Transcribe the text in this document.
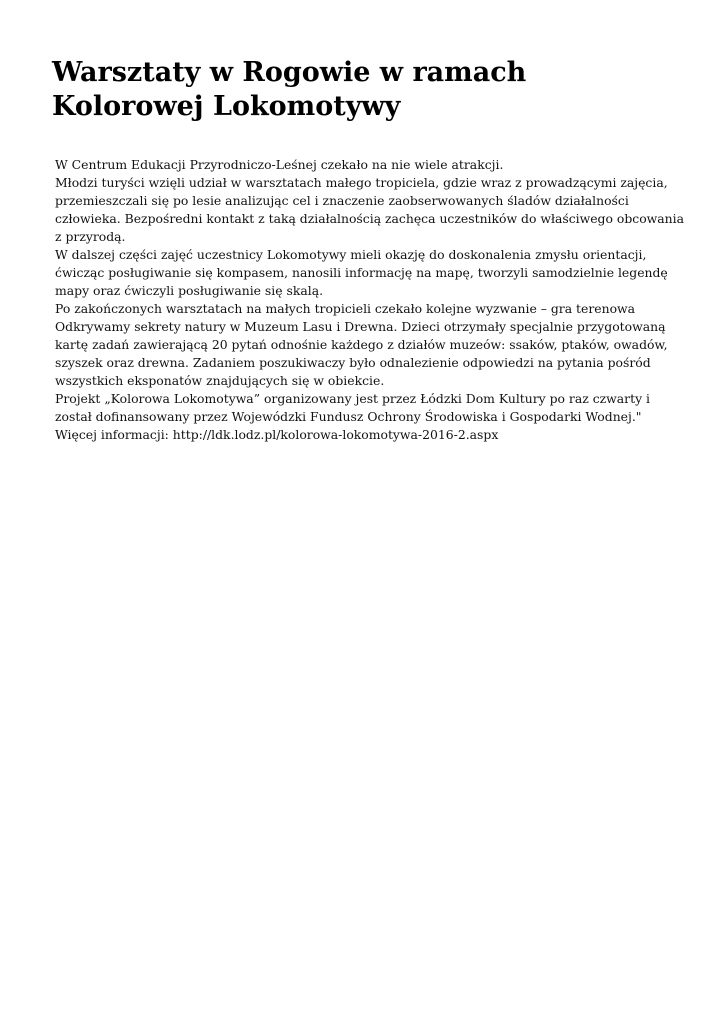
Warsztaty w Rogowie w ramach Kolorowej Lokomotywy
W Centrum Edukacji Przyrodniczo-Leśnej czekało na nie wiele atrakcji.
Młodzi turyści wzięli udział w warsztatach małego tropiciela, gdzie wraz z prowadzącymi zajęcia,
przemieszczali się po lesie analizując cel i znaczenie zaobserwowanych śladów działalności
człowieka. Bezpośredni kontakt z taką działalnością zachęca uczestników do właściwego obcowania
z przyrodą.
W dalszej części zajęć uczestnicy Lokomotywy mieli okazję do doskonalenia zmysłu orientacji,
ćwicząc posługiwanie się kompasem, nanosili informację na mapę, tworzyli samodzielnie legendę
mapy oraz ćwiczyli posługiwanie się skalą.
Po zakończonych warsztatach na małych tropicieli czekało kolejne wyzwanie – gra terenowa
Odkrywamy sekrety natury w Muzeum Lasu i Drewna. Dzieci otrzymały specjalnie przygotowaną
kartę zadań zawierającą 20 pytań odnośnie każdego z działów muzeów: ssaków, ptaków, owadów,
szyszek oraz drewna. Zadaniem poszukiwaczy było odnalezienie odpowiedzi na pytania pośród
wszystkich eksponatów znajdujących się w obiekcie.
Projekt „Kolorowa Lokomotywa” organizowany jest przez Łódzki Dom Kultury po raz czwarty i
został dofinansowany przez Wojewódzki Fundusz Ochrony Środowiska i Gospodarki Wodnej."
Więcej informacji: http://ldk.lodz.pl/kolorowa-lokomotywa-2016-2.aspx
